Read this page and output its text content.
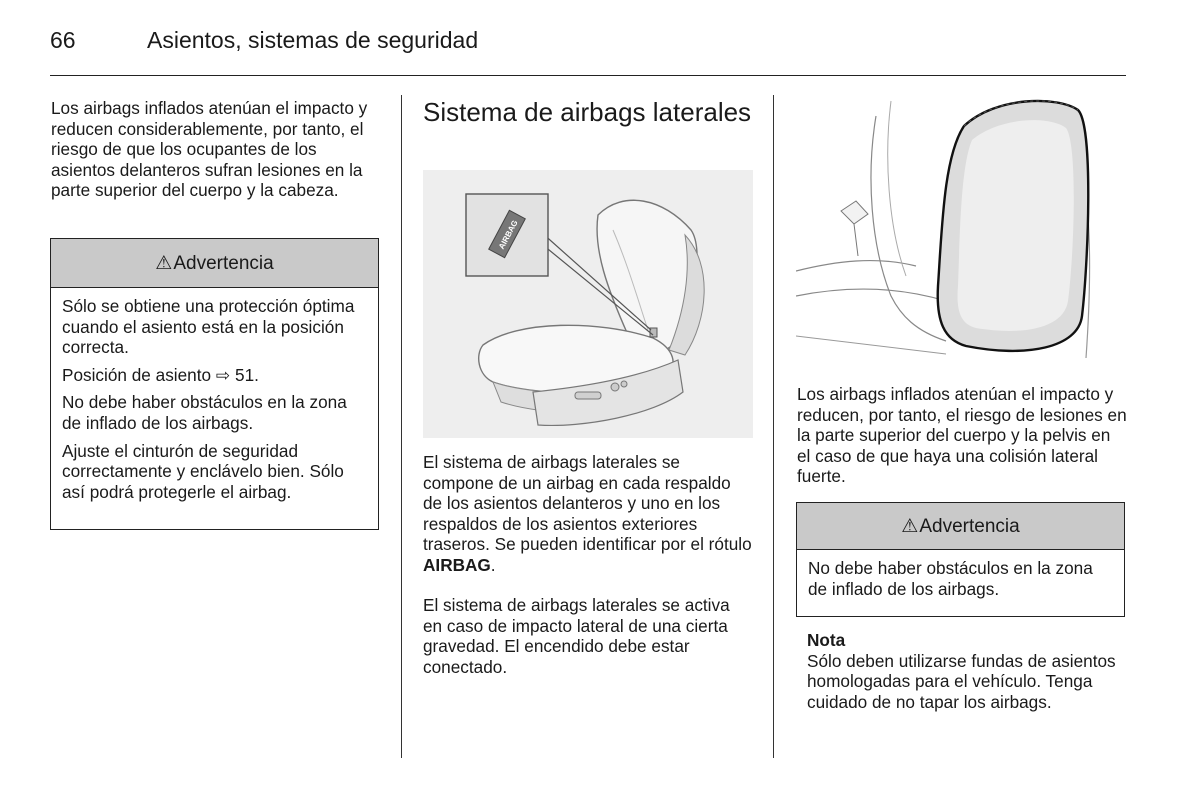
66	Asientos, sistemas de seguridad
Los airbags inflados atenúan el impacto y reducen considerablemente, por tanto, el riesgo de que los ocupantes de los asientos delanteros sufran lesiones en la parte superior del cuerpo y la cabeza.
⚠Advertencia

Sólo se obtiene una protección óptima cuando el asiento está en la posición correcta.

Posición de asiento ⇨ 51.

No debe haber obstáculos en la zona de inflado de los airbags.

Ajuste el cinturón de seguridad correctamente y enclávelo bien. Sólo así podrá protegerle el airbag.

Sistema de airbags laterales
AIRBAG
El sistema de airbags laterales se compone de un airbag en cada respaldo de los asientos delanteros y uno en los respaldos de los asientos exteriores traseros. Se pueden identificar por el rótulo AIRBAG.
El sistema de airbags laterales se activa en caso de impacto lateral de una cierta gravedad. El encendido debe estar conectado.
Los airbags inflados atenúan el impacto y reducen, por tanto, el riesgo de lesiones en la parte superior del cuerpo y la pelvis en el caso de que haya una colisión lateral fuerte.
⚠Advertencia

No debe haber obstáculos en la zona de inflado de los airbags.

Nota
Sólo deben utilizarse fundas de asientos homologadas para el vehículo. Tenga cuidado de no tapar los airbags.
